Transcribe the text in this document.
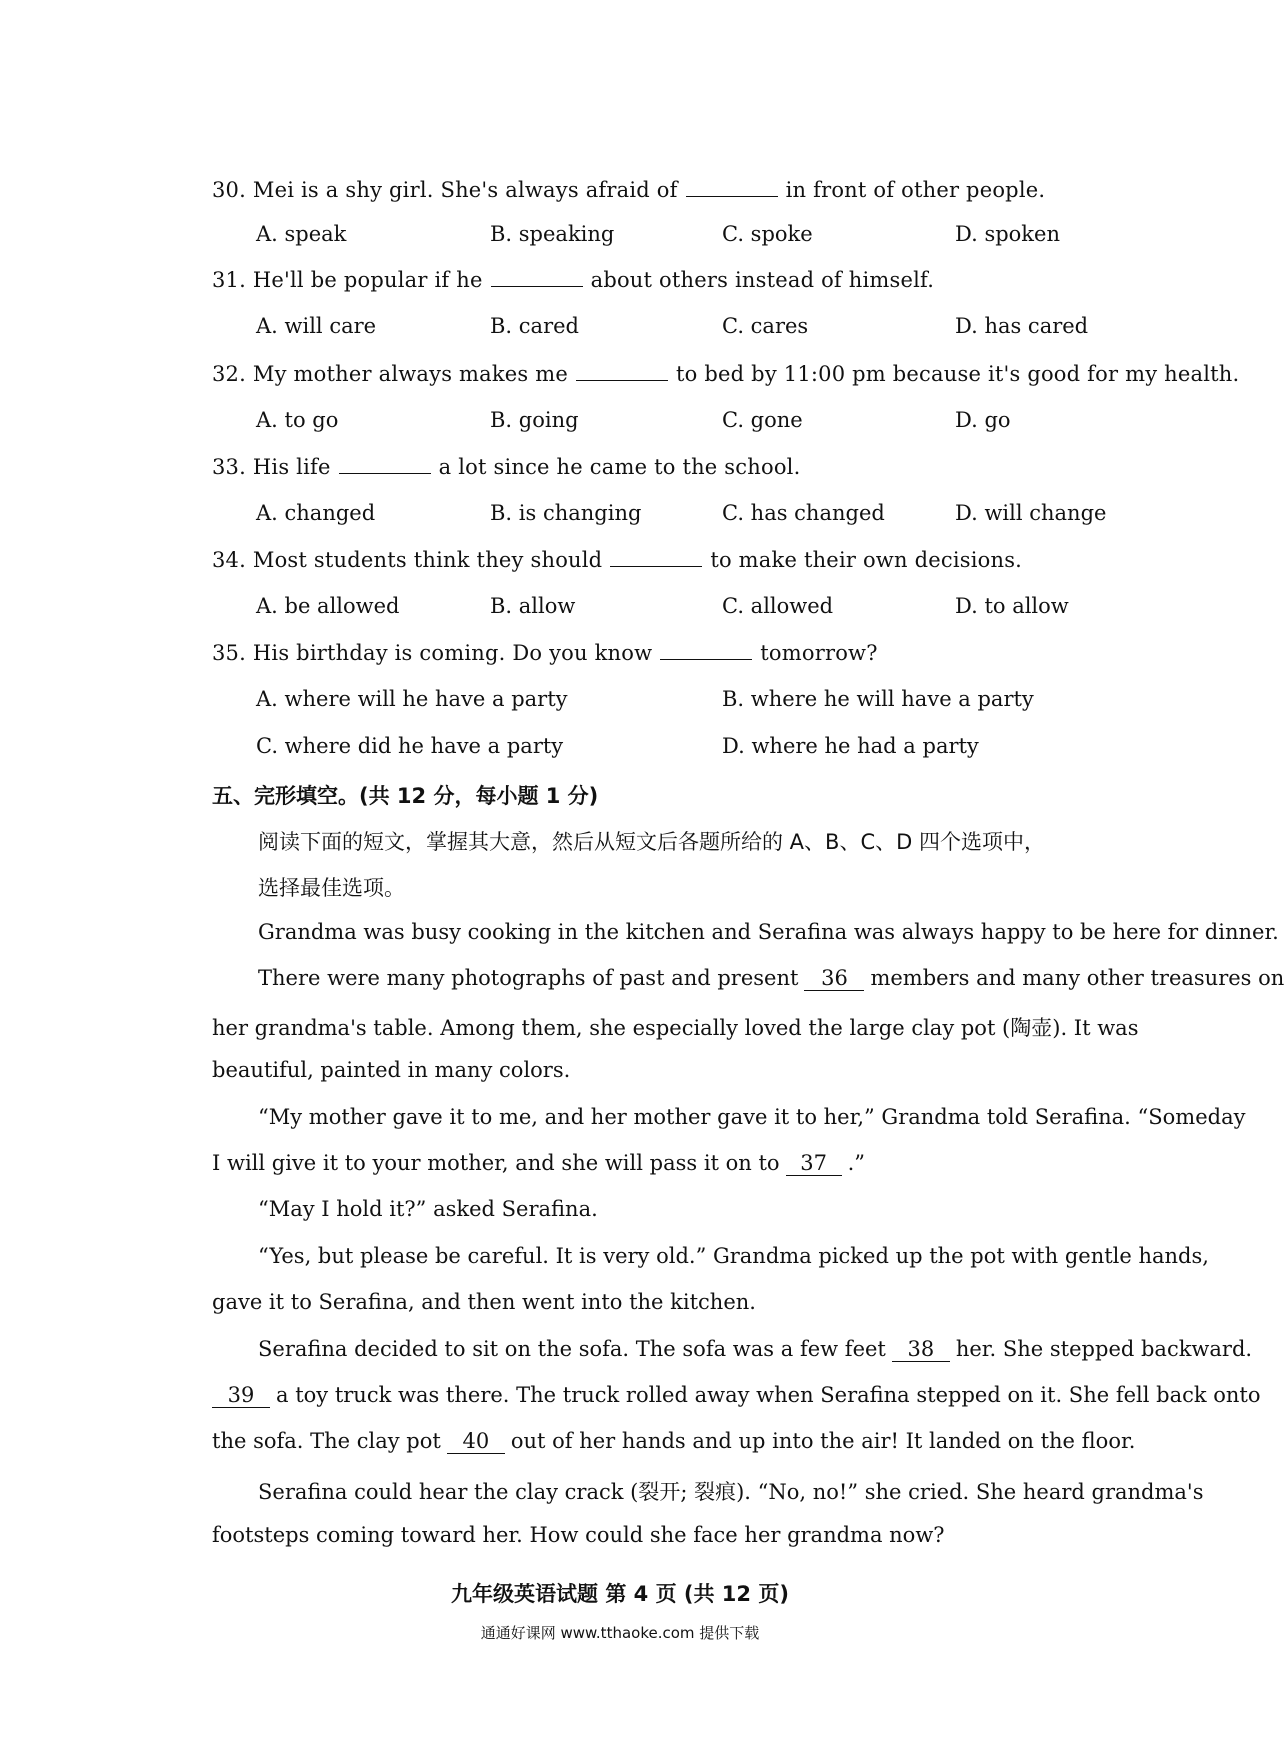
30. Mei is a shy girl. She's always afraid of	in front of other people.
A. speak	B. speaking	C. spoke	D. spoken
31. He'll be popular if he	about others instead of himself.
A. will care	B. cared	C. cares	D. has cared
32. My mother always makes me	to bed by 11:00 pm because it's good for my health.
A. to go	B. going	C. gone	D. go
33. His life	a lot since he came to the school.
A. changed	B. is changing	C. has changed	D. will change
34. Most students think they should	to make their own decisions.
A. be allowed	B. allow	C. allowed	D. to allow
35. His birthday is coming. Do you know	tomorrow?
A. where will he have a party	B. where he will have a party
C. where did he have a party	D. where he had a party
五、完形填空。(共 12 分，每小题 1 分)
阅读下面的短文，掌握其大意，然后从短文后各题所给的 A、B、C、D 四个选项中，
选择最佳选项。
Grandma was busy cooking in the kitchen and Serafina was always happy to be here for dinner.
There were many photographs of past and present 36 members and many other treasures on
her grandma's table. Among them, she especially loved the large clay pot (陶壶). It was
beautiful, painted in many colors.
“My mother gave it to me, and her mother gave it to her,” Grandma told Serafina. “Someday
I will give it to your mother, and she will pass it on to 37 .”
“May I hold it?” asked Serafina.
“Yes, but please be careful. It is very old.” Grandma picked up the pot with gentle hands,
gave it to Serafina, and then went into the kitchen.
Serafina decided to sit on the sofa. The sofa was a few feet 38 her. She stepped backward.
39 a toy truck was there. The truck rolled away when Serafina stepped on it. She fell back onto
the sofa. The clay pot 40 out of her hands and up into the air! It landed on the floor.
Serafina could hear the clay crack (裂开; 裂痕). “No, no!” she cried. She heard grandma's
footsteps coming toward her. How could she face her grandma now?
九年级英语试题 第 4 页 (共 12 页)
通通好课网 www.tthaoke.com 提供下载
